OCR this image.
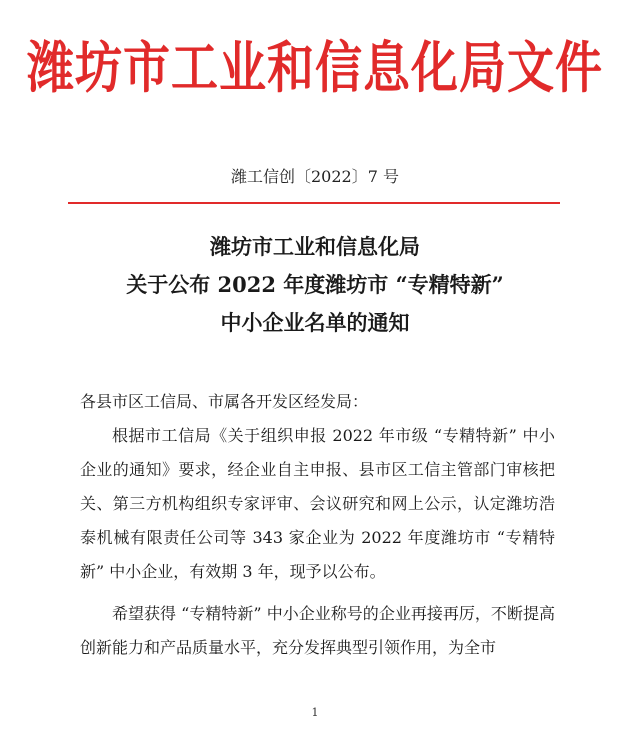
潍坊市工业和信息化局文件
潍工信创〔2022〕7 号
潍坊市工业和信息化局
关于公布 2022 年度潍坊市 “专精特新”
中小企业名单的通知

各县市区工信局、市属各开发区经发局：

根据市工信局《关于组织申报 2022 年市级 “专精特新” 中小企业的通知》要求，经企业自主申报、县市区工信主管部门审核把关、第三方机构组织专家评审、会议研究和网上公示，认定潍坊浩泰机械有限责任公司等 343 家企业为 2022 年度潍坊市 “专精特新” 中小企业，有效期 3 年，现予以公布。

希望获得 “专精特新” 中小企业称号的企业再接再厉，不断提高创新能力和产品质量水平，充分发挥典型引领作用，为全市

1
